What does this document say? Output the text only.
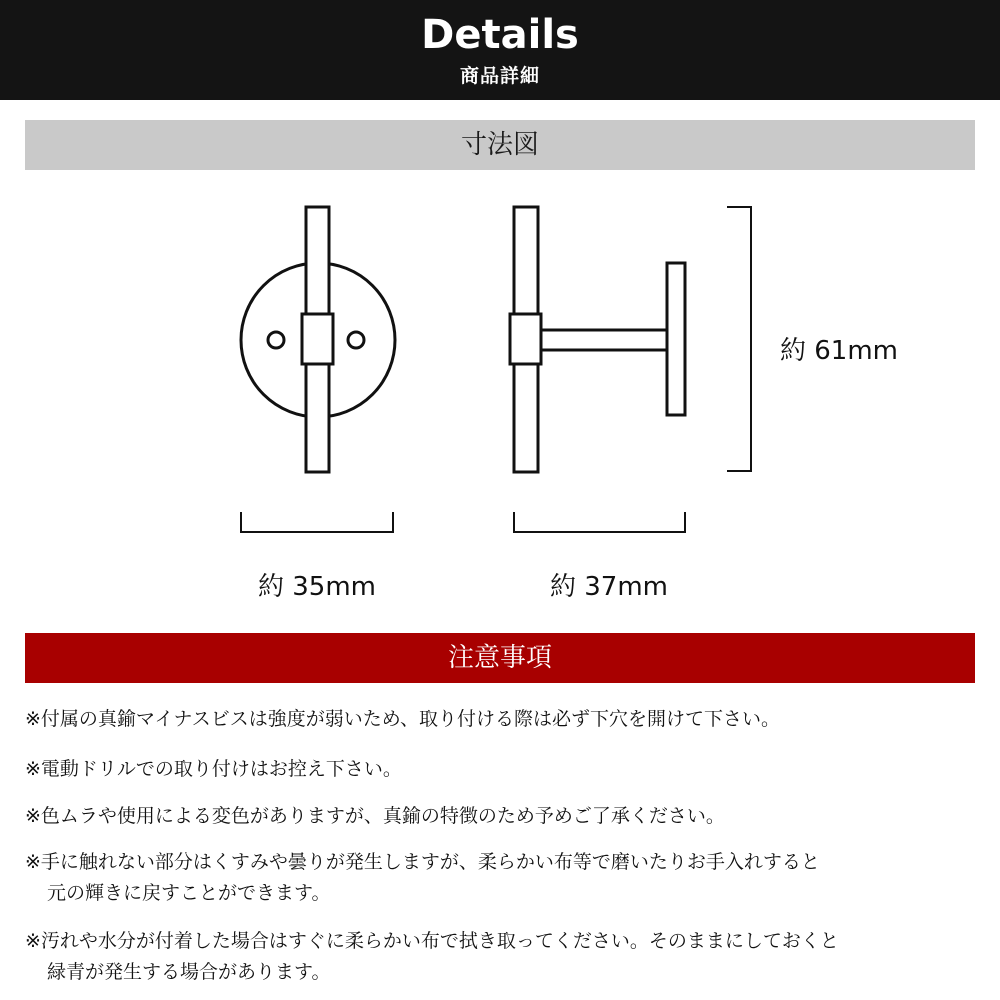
Details
商品詳細
寸法図
約 61mm
約 35mm	約 37mm
注意事項
※付属の真鍮マイナスビスは強度が弱いため、取り付ける際は必ず下穴を開けて下さい。
※電動ドリルでの取り付けはお控え下さい。
※色ムラや使用による変色がありますが、真鍮の特徴のため予めご了承ください。
※手に触れない部分はくすみや曇りが発生しますが、柔らかい布等で磨いたりお手入れすると
元の輝きに戻すことができます。
※汚れや水分が付着した場合はすぐに柔らかい布で拭き取ってください。そのままにしておくと
緑青が発生する場合があります。
